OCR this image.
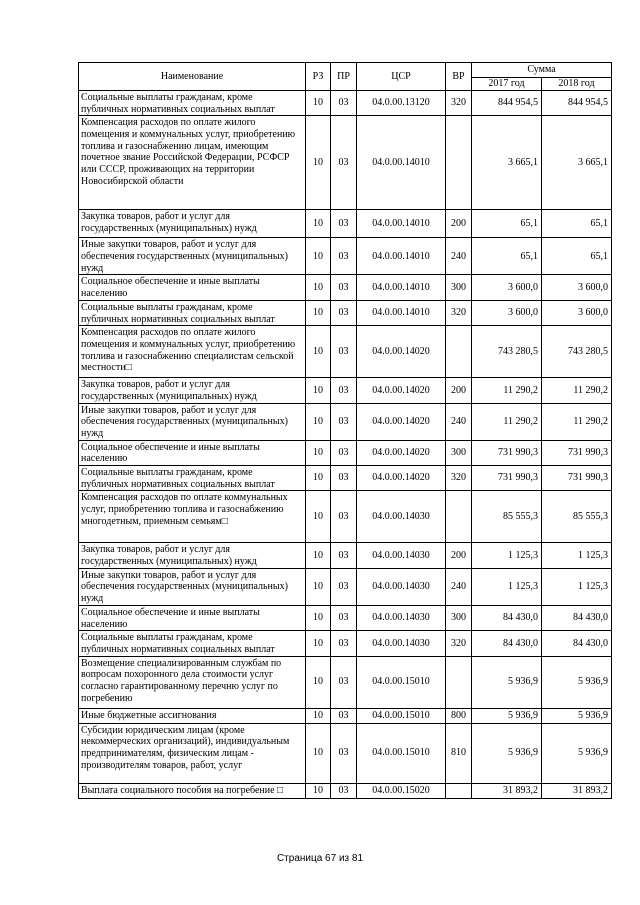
Наименование	РЗ	ПР	ЦСР	ВР	Сумма	
					2017 год	2018 год
Социальные выплаты гражданам, кроме публичных нормативных социальных выплат	10	03	04.0.00.13120	320	844 954,5	844 954,5
Компенсация расходов по оплате жилого помещения и коммунальных услуг, приобретению топлива и газоснабжению лицам, имеющим почетное звание Российской Федерации, РСФСР или СССР, проживающих на территории Новосибирской области	10	03	04.0.00.14010		3 665,1	3 665,1
Закупка товаров, работ и услуг для государственных (муниципальных) нужд	10	03	04.0.00.14010	200	65,1	65,1
Иные закупки товаров, работ и услуг для обеспечения государственных (муниципальных) нужд	10	03	04.0.00.14010	240	65,1	65,1
Социальное обеспечение и иные выплаты населению	10	03	04.0.00.14010	300	3 600,0	3 600,0
Социальные выплаты гражданам, кроме публичных нормативных социальных выплат	10	03	04.0.00.14010	320	3 600,0	3 600,0
Компенсация расходов по оплате жилого помещения и коммунальных услуг, приобретению топлива и газоснабжению специалистам сельской местности□	10	03	04.0.00.14020		743 280,5	743 280,5
Закупка товаров, работ и услуг для государственных (муниципальных) нужд	10	03	04.0.00.14020	200	11 290,2	11 290,2
Иные закупки товаров, работ и услуг для обеспечения государственных (муниципальных) нужд	10	03	04.0.00.14020	240	11 290,2	11 290,2
Социальное обеспечение и иные выплаты населению	10	03	04.0.00.14020	300	731 990,3	731 990,3
Социальные выплаты гражданам, кроме публичных нормативных социальных выплат	10	03	04.0.00.14020	320	731 990,3	731 990,3
Компенсация расходов по оплате коммунальных услуг, приобретению топлива и газоснабжению многодетным, приемным семьям□	10	03	04.0.00.14030		85 555,3	85 555,3
Закупка товаров, работ и услуг для государственных (муниципальных) нужд	10	03	04.0.00.14030	200	1 125,3	1 125,3
Иные закупки товаров, работ и услуг для обеспечения государственных (муниципальных) нужд	10	03	04.0.00.14030	240	1 125,3	1 125,3
Социальное обеспечение и иные выплаты населению	10	03	04.0.00.14030	300	84 430,0	84 430,0
Социальные выплаты гражданам, кроме публичных нормативных социальных выплат	10	03	04.0.00.14030	320	84 430,0	84 430,0
Возмещение специализированным службам по вопросам похоронного дела стоимости услуг согласно гарантированному перечню услуг по погребению	10	03	04.0.00.15010		5 936,9	5 936,9
Иные бюджетные ассигнования	10	03	04.0.00.15010	800	5 936,9	5 936,9
Субсидии юридическим лицам (кроме некоммерческих организаций), индивидуальным предпринимателям, физическим лицам - производителям товаров, работ, услуг	10	03	04.0.00.15010	810	5 936,9	5 936,9
Выплата социального пособия на погребение □	10	03	04.0.00.15020		31 893,2	31 893,2
Страница 67 из 81
